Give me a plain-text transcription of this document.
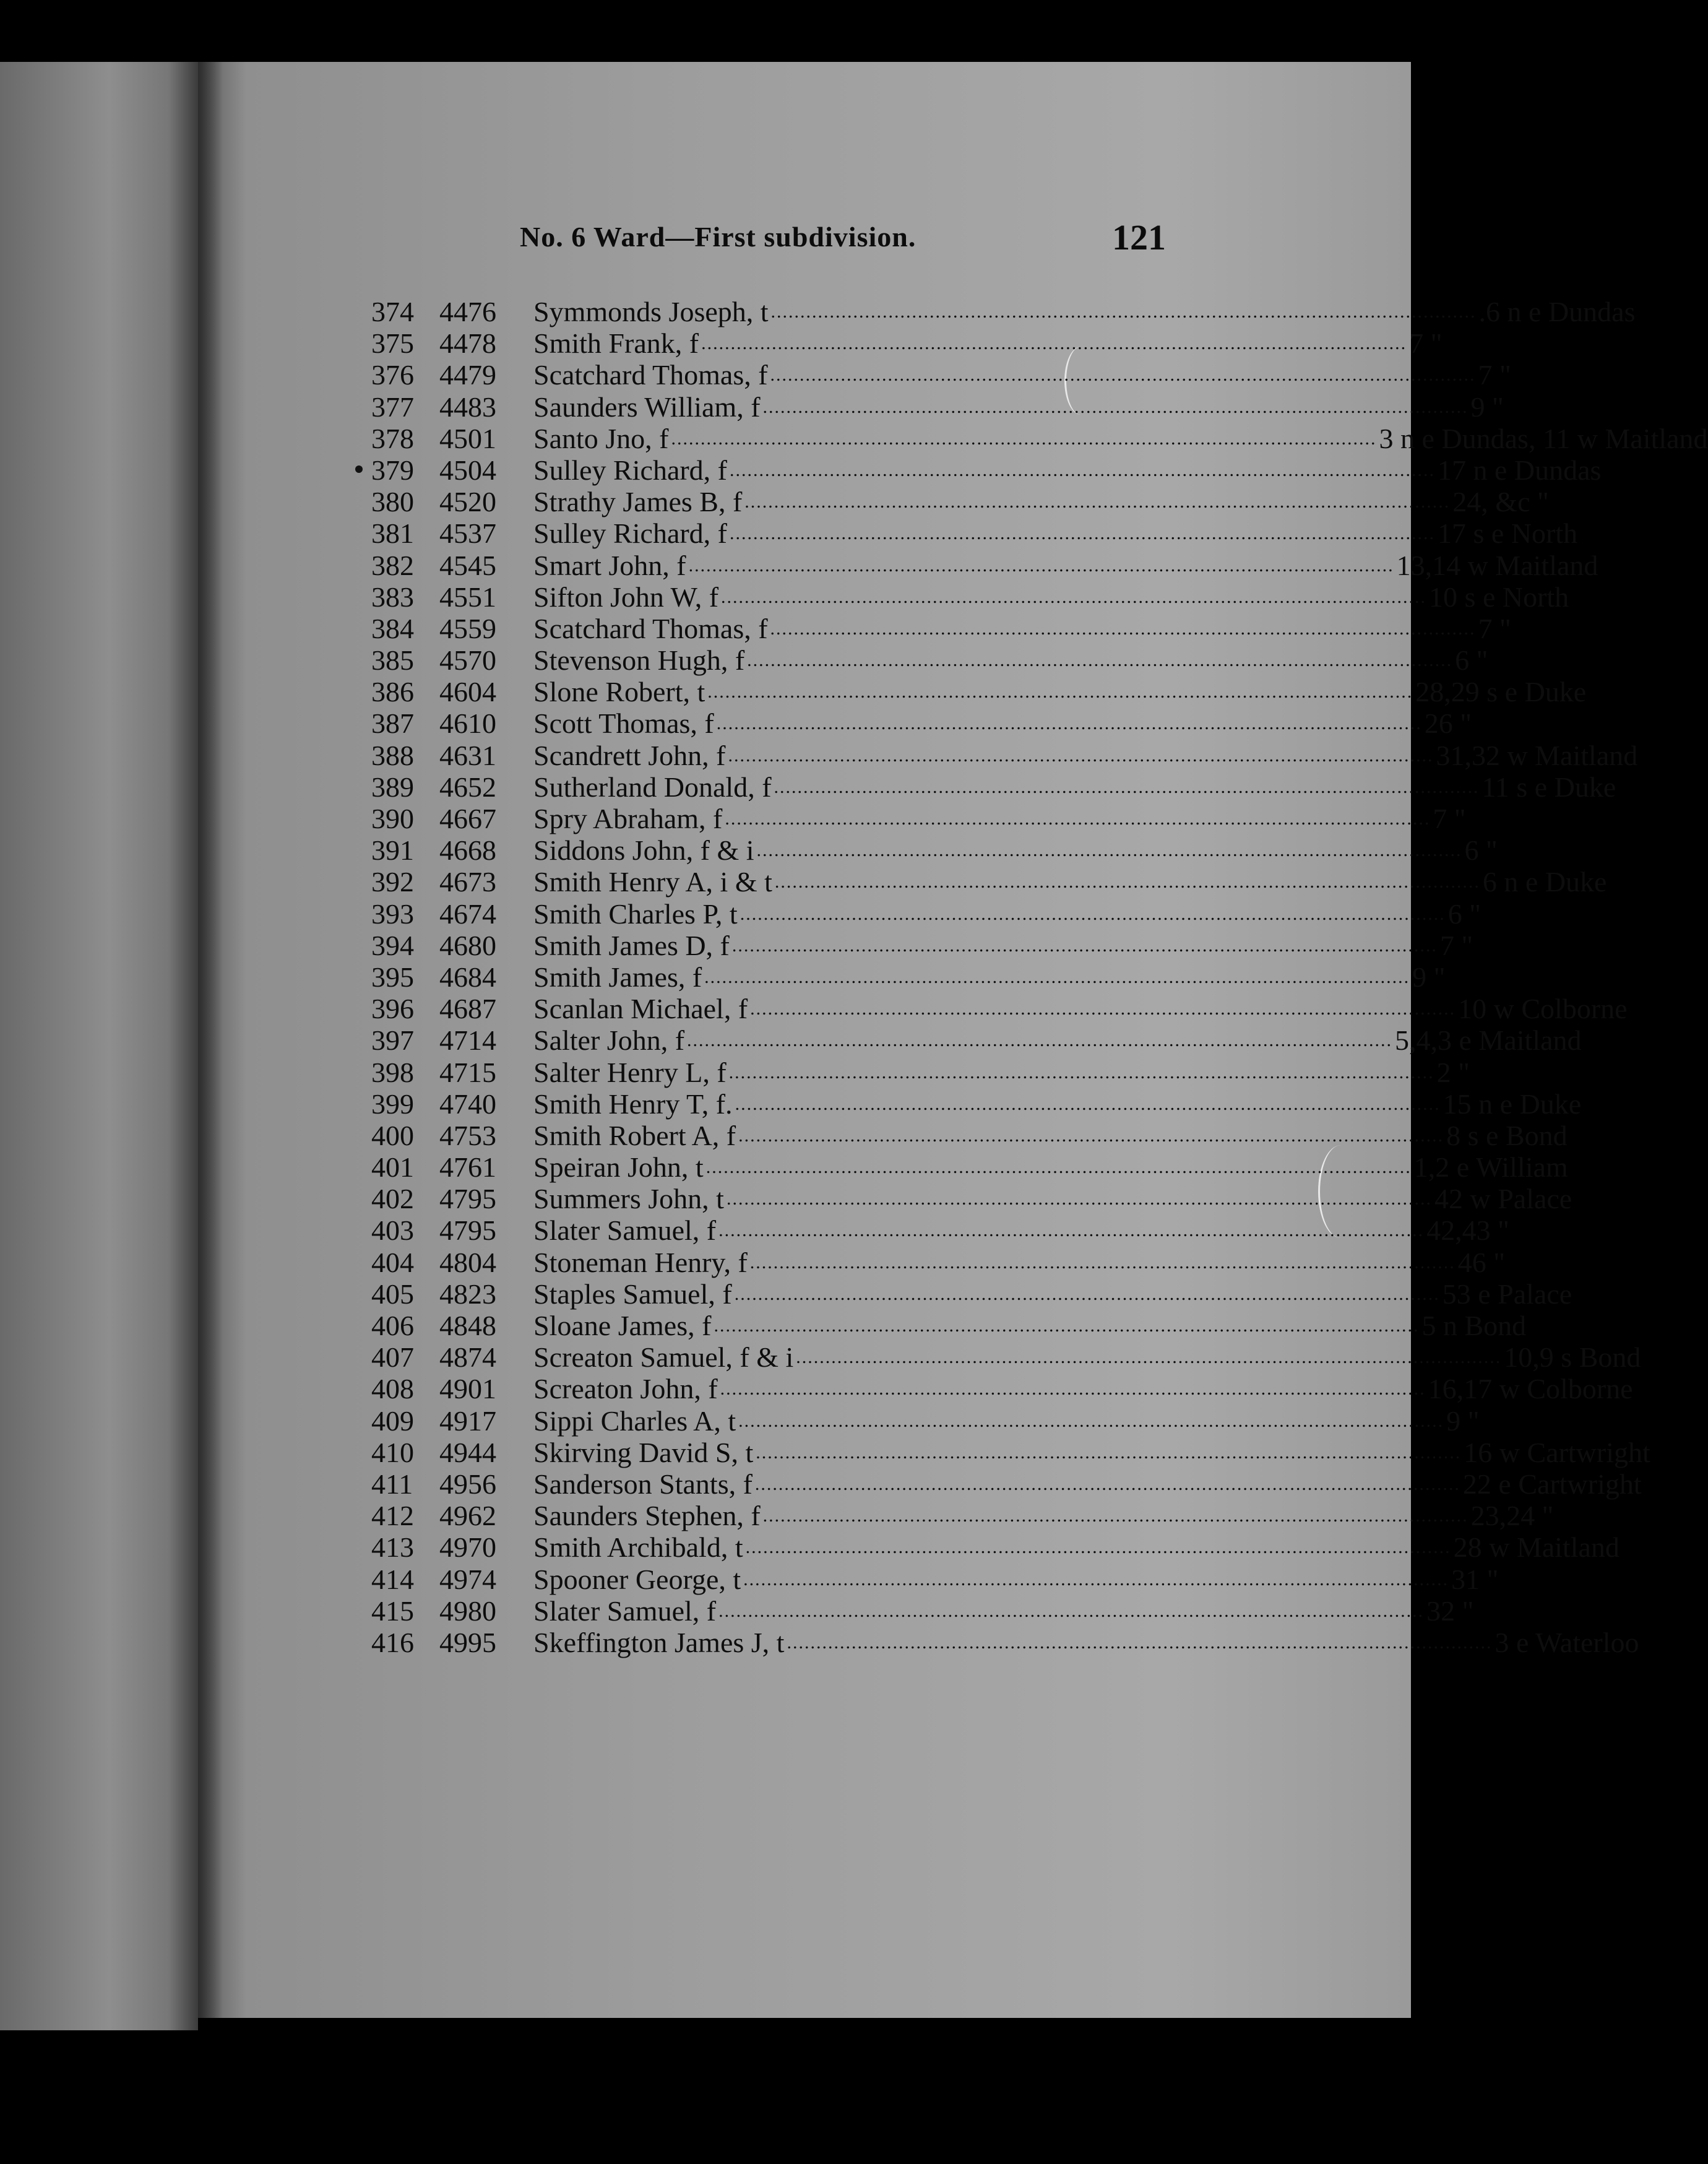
eelseeldeemntpenedasrthiketerndkendikeamondrneand
No. 6 Ward—First subdivision.	121
374 4476	Symmonds Joseph, t ........................................................................................................................ .6 n e Dundas
375 4478	Smith Frank, f ........................................................................................................................ 7 "
376 4479	Scatchard Thomas, f ........................................................................................................................ 7 "
377 4483	Saunders William, f ........................................................................................................................ 9 "
378 4501	Santo Jno, f ........................................................................................................................ 3 n e Dundas, 11 w Maitland
379 4504	Sulley Richard, f ........................................................................................................................ 17 n e Dundas
380 4520	Strathy James B, f ........................................................................................................................ 24, &c "
381 4537	Sulley Richard, f ........................................................................................................................ 17 s e North
382 4545	Smart John, f ........................................................................................................................ 13,14 w Maitland
383 4551	Sifton John W, f ........................................................................................................................ 10 s e North
384 4559	Scatchard Thomas, f ........................................................................................................................ 7 "
385 4570	Stevenson Hugh, f ........................................................................................................................ 6 "
386 4604	Slone Robert, t ........................................................................................................................ 28,29 s e Duke
387 4610	Scott Thomas, f ........................................................................................................................ 26 "
388 4631	Scandrett John, f ........................................................................................................................ 31,32 w Maitland
389 4652	Sutherland Donald, f ........................................................................................................................ 11 s e Duke
390 4667	Spry Abraham, f ........................................................................................................................ 7 "
391 4668	Siddons John, f & i ........................................................................................................................ 6 "
392 4673	Smith Henry A, i & t ........................................................................................................................ 6 n e Duke
393 4674	Smith Charles P, t ........................................................................................................................ 6 "
394 4680	Smith James D, f ........................................................................................................................ 7 "
395 4684	Smith James, f ........................................................................................................................ 9 "
396 4687	Scanlan Michael, f ........................................................................................................................ 10 w Colborne
397 4714	Salter John, f ........................................................................................................................ 5,4,3 e Maitland
398 4715	Salter Henry L, f ........................................................................................................................ 2 "
399 4740	Smith Henry T, f. ........................................................................................................................ 15 n e Duke
400 4753	Smith Robert A, f ........................................................................................................................ 8 s e Bond
401 4761	Speiran John, t ........................................................................................................................ 1,2 e William
402 4795	Summers John, t ........................................................................................................................ 42 w Palace
403 4795	Slater Samuel, f ........................................................................................................................ 42,43 "
404 4804	Stoneman Henry, f ........................................................................................................................ 46 "
405 4823	Staples Samuel, f ........................................................................................................................ 53 e Palace
406 4848	Sloane James, f ........................................................................................................................ 5 n Bond
407 4874	Screaton Samuel, f & i ........................................................................................................................ 10,9 s Bond
408 4901	Screaton John, f ........................................................................................................................ 16,17 w Colborne
409 4917	Sippi Charles A, t ........................................................................................................................ 9 "
410 4944	Skirving David S, t ........................................................................................................................ 16 w Cartwright
411 4956	Sanderson Stants, f ........................................................................................................................ 22 e Cartwright
412 4962	Saunders Stephen, f ........................................................................................................................ 23,24 "
413 4970	Smith Archibald, t ........................................................................................................................ 28 w Maitland
414 4974	Spooner George, t ........................................................................................................................ 31 "
415 4980	Slater Samuel, f ........................................................................................................................ 32 "
416 4995	Skeffington James J, t ........................................................................................................................ 3 e Waterloo
